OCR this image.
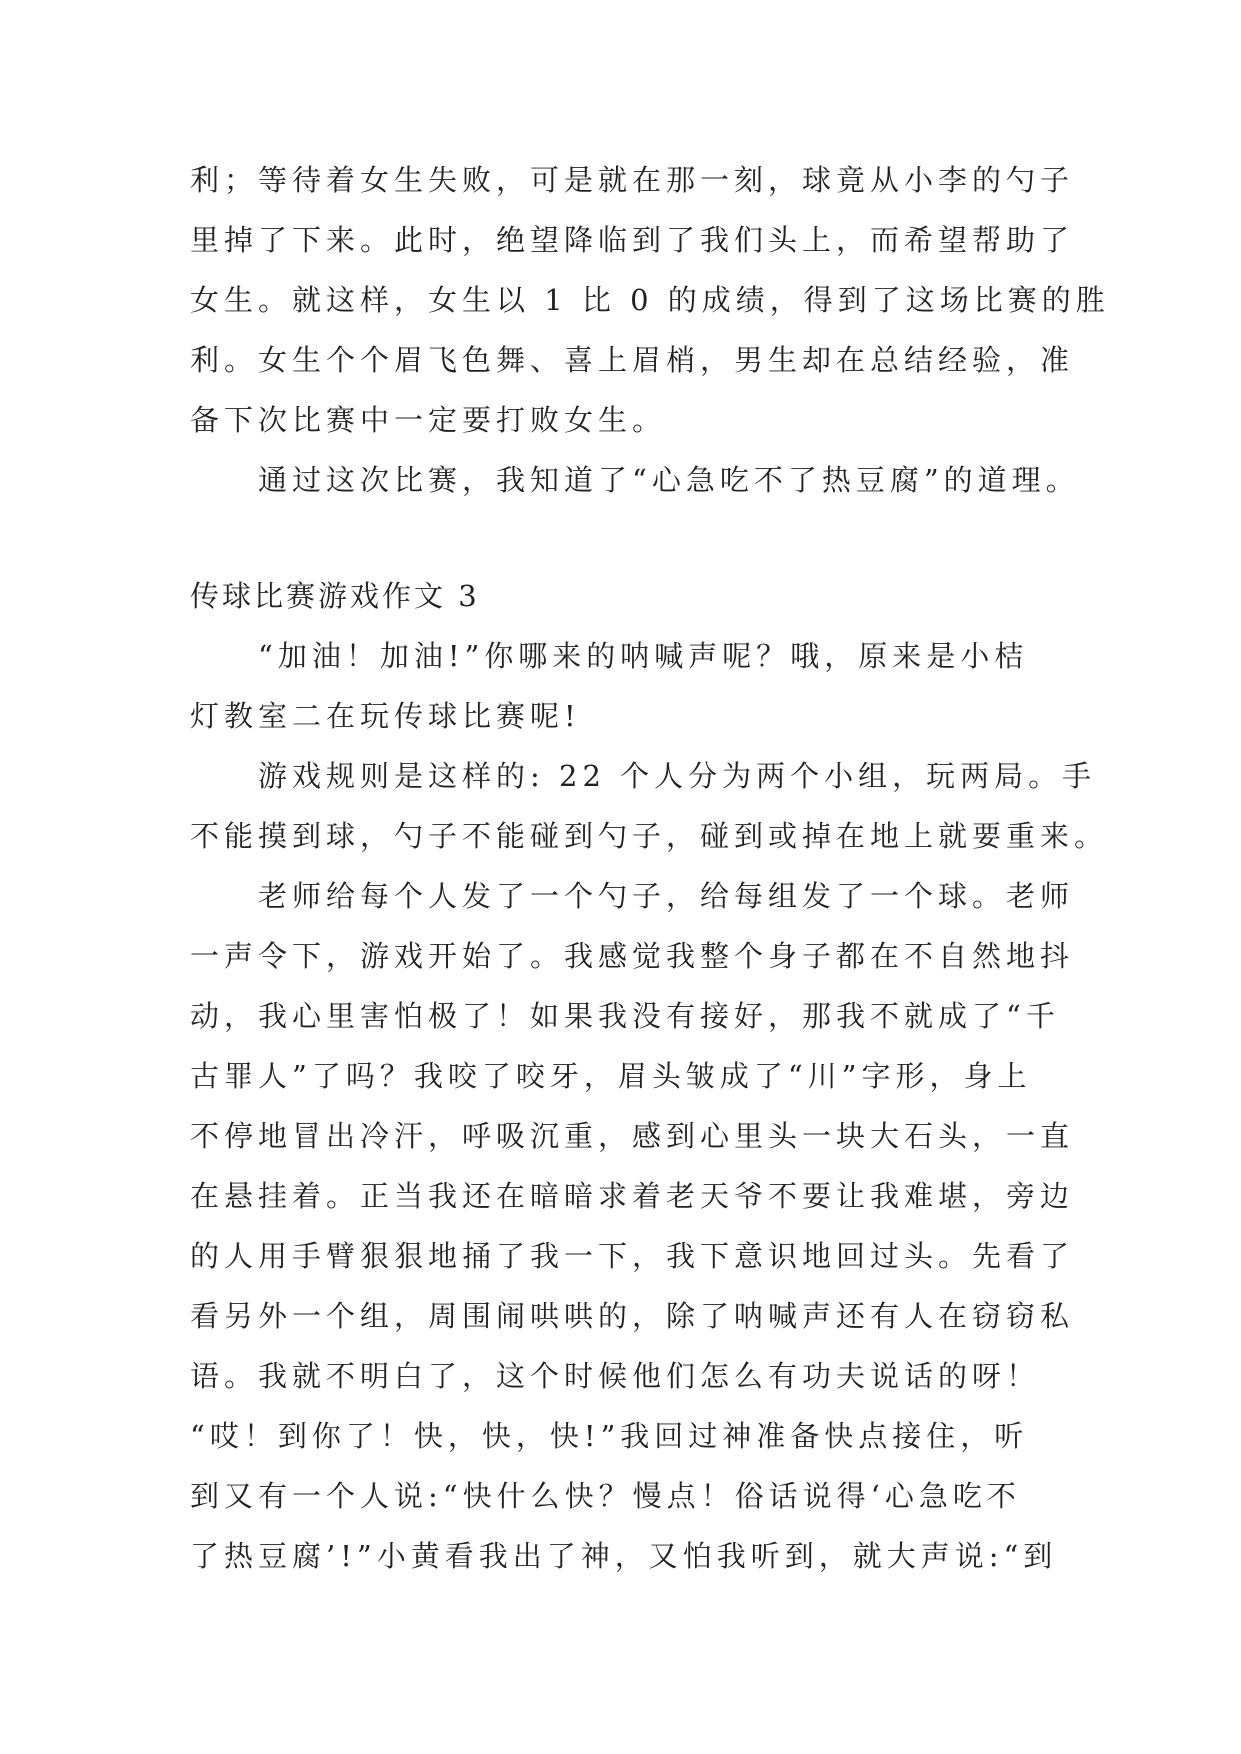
利；等待着女生失败，可是就在那一刻，球竟从小李的勺子
里掉了下来。此时，绝望降临到了我们头上，而希望帮助了
女生。就这样，女生以 1 比 0 的成绩，得到了这场比赛的胜
利。女生个个眉飞色舞、喜上眉梢，男生却在总结经验，准
备下次比赛中一定要打败女生。
通过这次比赛，我知道了“心急吃不了热豆腐”的道理。
传球比赛游戏作文 3
“加油！加油!”你哪来的呐喊声呢？哦，原来是小桔
灯教室二在玩传球比赛呢!
游戏规则是这样的: 22 个人分为两个小组，玩两局。手
不能摸到球，勺子不能碰到勺子，碰到或掉在地上就要重来。
老师给每个人发了一个勺子，给每组发了一个球。老师
一声令下，游戏开始了。我感觉我整个身子都在不自然地抖
动，我心里害怕极了！如果我没有接好，那我不就成了“千
古罪人”了吗？我咬了咬牙，眉头皱成了“川”字形，身上
不停地冒出冷汗，呼吸沉重，感到心里头一块大石头，一直
在悬挂着。正当我还在暗暗求着老天爷不要让我难堪，旁边
的人用手臂狠狠地捅了我一下，我下意识地回过头。先看了
看另外一个组，周围闹哄哄的，除了呐喊声还有人在窃窃私
语。我就不明白了，这个时候他们怎么有功夫说话的呀！
“哎！到你了！快，快，快!”我回过神准备快点接住，听
到又有一个人说:“快什么快？慢点！俗话说得‘心急吃不
了热豆腐’!”小黄看我出了神，又怕我听到，就大声说:“到
